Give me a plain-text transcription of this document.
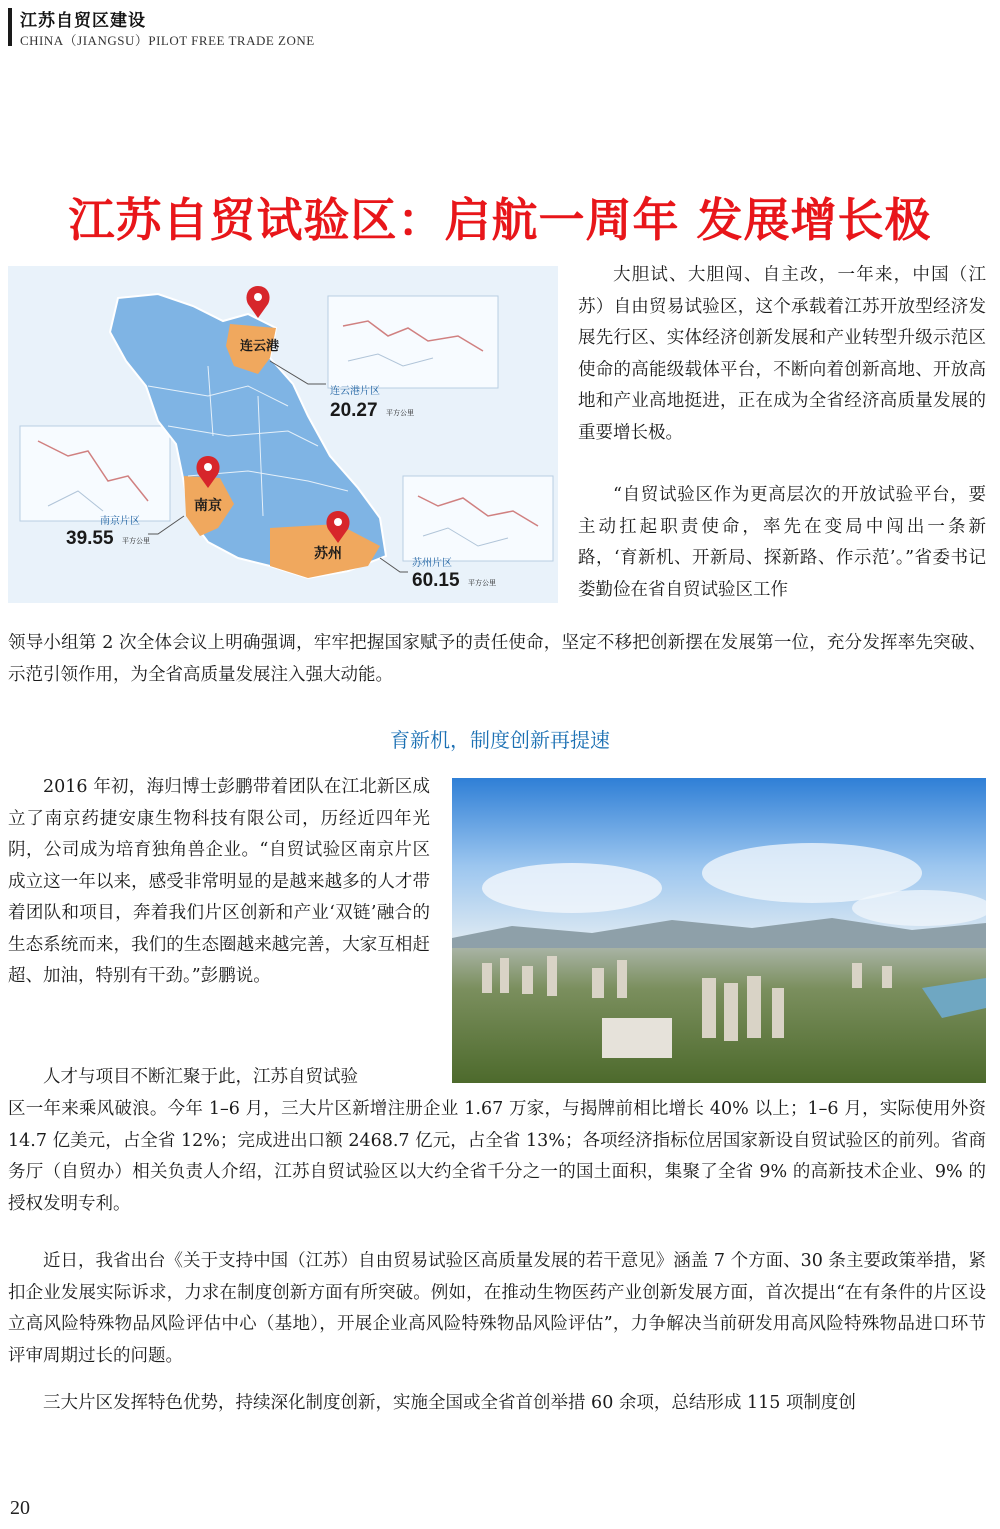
江苏自贸区建设
CHINA（JIANGSU）PILOT FREE TRADE ZONE
江苏自贸试验区：启航一周年 发展增长极
连云港
南京
苏州
连云港片区
20.27 平方公里
南京片区
39.55 平方公里
苏州片区
60.15 平方公里

大胆试、大胆闯、自主改，一年来，中国（江苏）自由贸易试验区，这个承载着江苏开放型经济发展先行区、实体经济创新发展和产业转型升级示范区使命的高能级载体平台，不断向着创新高地、开放高地和产业高地挺进，正在成为全省经济高质量发展的重要增长极。

“自贸试验区作为更高层次的开放试验平台，要主动扛起职责使命，率先在变局中闯出一条新路，‘育新机、开新局、探新路、作示范’。”省委书记娄勤俭在省自贸试验区工作

领导小组第 2 次全体会议上明确强调，牢牢把握国家赋予的责任使命，坚定不移把创新摆在发展第一位，充分发挥率先突破、示范引领作用，为全省高质量发展注入强大动能。

育新机，制度创新再提速

2016 年初，海归博士彭鹏带着团队在江北新区成立了南京药捷安康生物科技有限公司，历经近四年光阴，公司成为培育独角兽企业。“自贸试验区南京片区成立这一年以来，感受非常明显的是越来越多的人才带着团队和项目，奔着我们片区创新和产业‘双链’融合的生态系统而来，我们的生态圈越来越完善，大家互相赶超、加油，特别有干劲。”彭鹏说。

人才与项目不断汇聚于此，江苏自贸试验

区一年来乘风破浪。今年 1–6 月，三大片区新增注册企业 1.67 万家，与揭牌前相比增长 40% 以上；1–6 月，实际使用外资 14.7 亿美元，占全省 12%；完成进出口额 2468.7 亿元，占全省 13%；各项经济指标位居国家新设自贸试验区的前列。省商务厅（自贸办）相关负责人介绍，江苏自贸试验区以大约全省千分之一的国土面积，集聚了全省 9% 的高新技术企业、9% 的授权发明专利。

近日，我省出台《关于支持中国（江苏）自由贸易试验区高质量发展的若干意见》涵盖 7 个方面、30 条主要政策举措，紧扣企业发展实际诉求，力求在制度创新方面有所突破。例如，在推动生物医药产业创新发展方面，首次提出“在有条件的片区设立高风险特殊物品风险评估中心（基地），开展企业高风险特殊物品风险评估”，力争解决当前研发用高风险特殊物品进口环节评审周期过长的问题。

三大片区发挥特色优势，持续深化制度创新，实施全国或全省首创举措 60 余项，总结形成 115 项制度创

20
